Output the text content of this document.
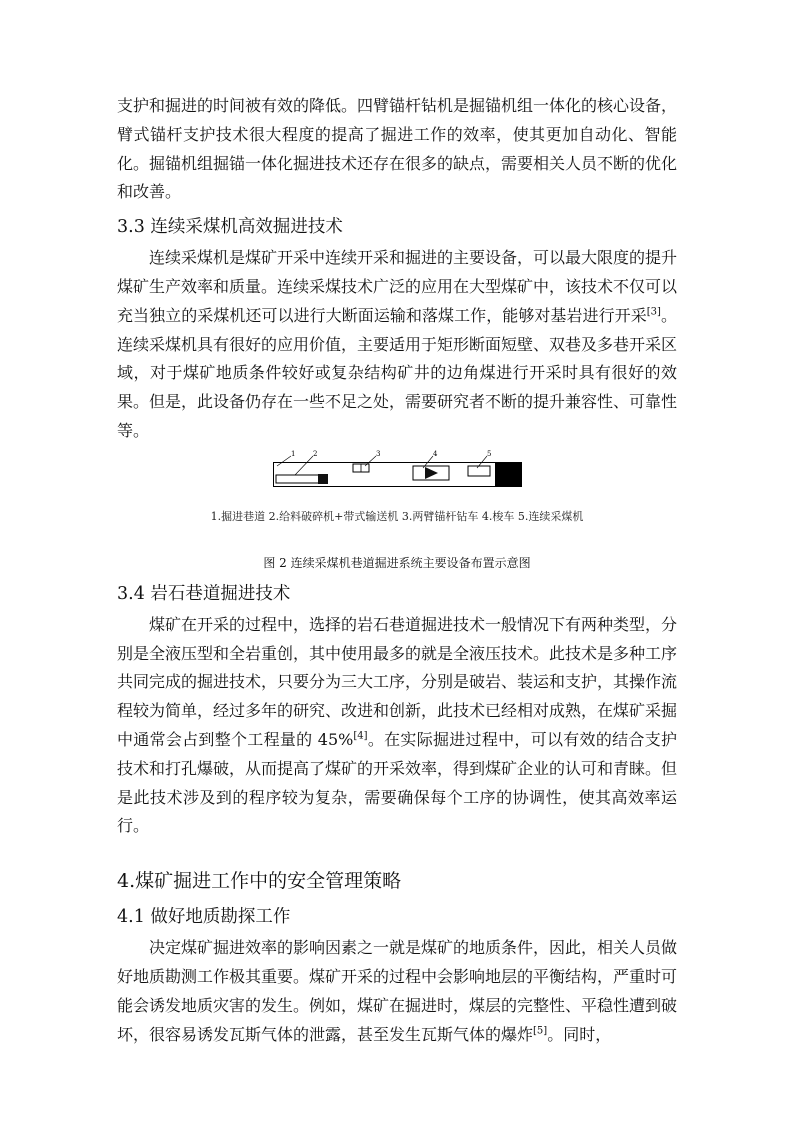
支护和掘进的时间被有效的降低。四臂锚杆钻机是掘锚机组一体化的核心设备，臂式锚杆支护技术很大程度的提高了掘进工作的效率，使其更加自动化、智能化。掘锚机组掘锚一体化掘进技术还存在很多的缺点，需要相关人员不断的优化和改善。

3.3 连续采煤机高效掘进技术

连续采煤机是煤矿开采中连续开采和掘进的主要设备，可以最大限度的提升煤矿生产效率和质量。连续采煤技术广泛的应用在大型煤矿中，该技术不仅可以充当独立的采煤机还可以进行大断面运输和落煤工作，能够对基岩进行开采[3]。连续采煤机具有很好的应用价值，主要适用于矩形断面短壁、双巷及多巷开采区域，对于煤矿地质条件较好或复杂结构矿井的边角煤进行开采时具有很好的效果。但是，此设备仍存在一些不足之处，需要研究者不断的提升兼容性、可靠性等。

1	2	3	4	5
1.掘进巷道 2.给料破碎机+带式输送机 3.两臂锚杆钻车 4.梭车 5.连续采煤机
图 2 连续采煤机巷道掘进系统主要设备布置示意图
3.4 岩石巷道掘进技术

煤矿在开采的过程中，选择的岩石巷道掘进技术一般情况下有两种类型，分别是全液压型和全岩重创，其中使用最多的就是全液压技术。此技术是多种工序共同完成的掘进技术，只要分为三大工序，分别是破岩、装运和支护，其操作流程较为简单，经过多年的研究、改进和创新，此技术已经相对成熟，在煤矿采掘中通常会占到整个工程量的 45%[4]。在实际掘进过程中，可以有效的结合支护技术和打孔爆破，从而提高了煤矿的开采效率，得到煤矿企业的认可和青睐。但是此技术涉及到的程序较为复杂，需要确保每个工序的协调性，使其高效率运行。

4.煤矿掘进工作中的安全管理策略
4.1 做好地质勘探工作

决定煤矿掘进效率的影响因素之一就是煤矿的地质条件，因此，相关人员做好地质勘测工作极其重要。煤矿开采的过程中会影响地层的平衡结构，严重时可能会诱发地质灾害的发生。例如，煤矿在掘进时，煤层的完整性、平稳性遭到破坏，很容易诱发瓦斯气体的泄露，甚至发生瓦斯气体的爆炸[5]。同时，
